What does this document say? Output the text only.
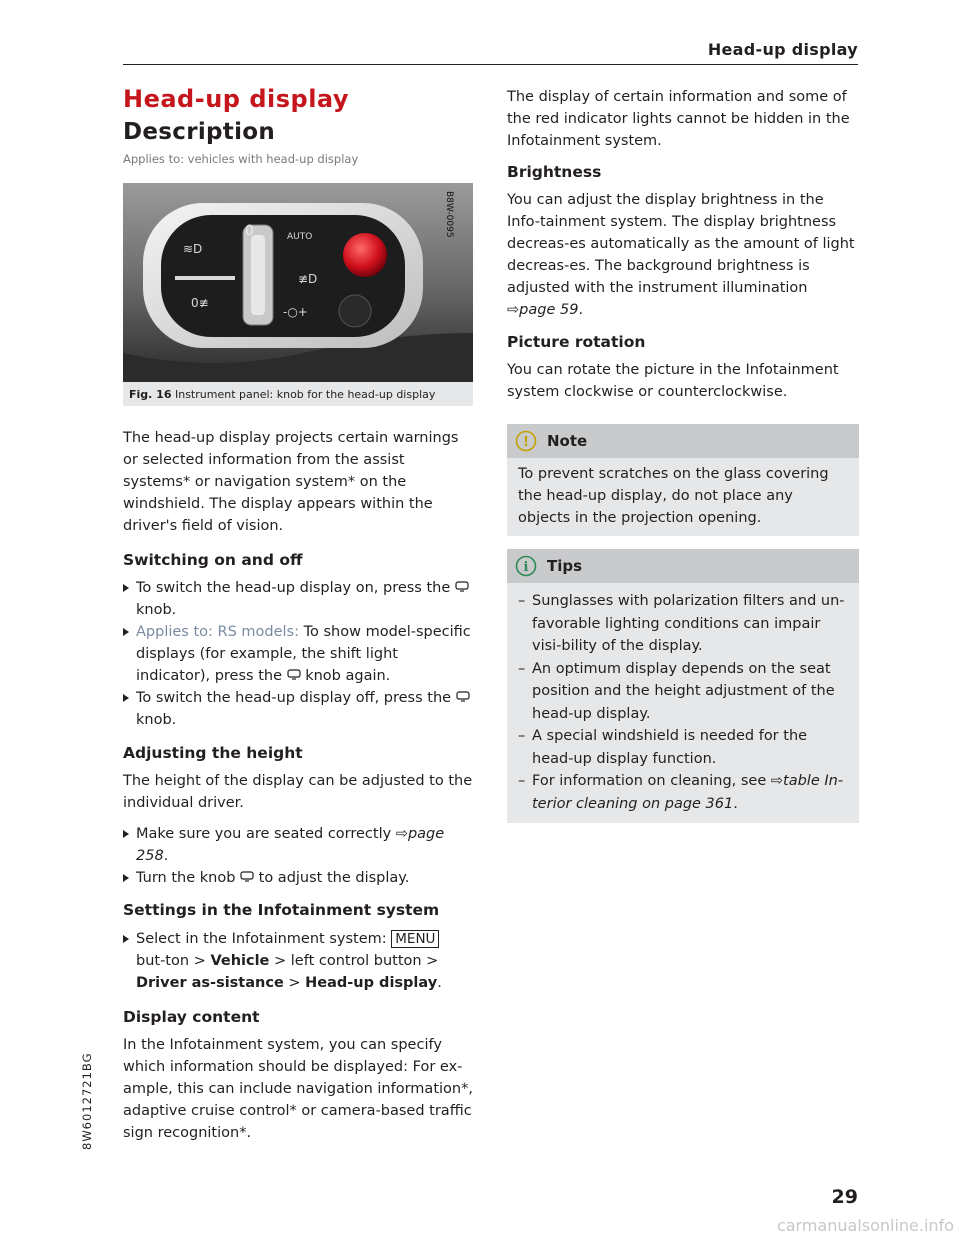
Head-up display
Head-up display
Description
Applies to: vehicles with head-up display
0	AUTO
≋D
≢D
0≢
-○+
B8W-0095
Fig. 16 Instrument panel: knob for the head-up display

The head-up display projects certain warnings or selected information from the assist systems* or navigation system* on the windshield. The display appears within the driver's field of vision.

Switching on and off
To switch the head-up display on, press the  knob.
Applies to: RS models: To show model-specific displays (for example, the shift light indicator), press the knob again.
To switch the head-up display off, press the  knob.
Adjusting the height

The height of the display can be adjusted to the individual driver.

Make sure you are seated correctly ⇨page 258.
Turn the knob to adjust the display.
Settings in the Infotainment system
Select in the Infotainment system: MENU but-ton > Vehicle > left control button > Driver as-sistance > Head-up display.
Display content

In the Infotainment system, you can specify which information should be displayed: For ex-ample, this can include navigation information*, adaptive cruise control* or camera-based traffic sign recognition*.

The display of certain information and some of the red indicator lights cannot be hidden in the Infotainment system.

Brightness

You can adjust the display brightness in the Info-tainment system. The display brightness decreas-es automatically as the amount of light decreas-es. The background brightness is adjusted with the instrument illumination ⇨page 59.

Picture rotation

You can rotate the picture in the Infotainment system clockwise or counterclockwise.

! Note
To prevent scratches on the glass covering the head-up display, do not place any objects in the projection opening.
i Tips
– Sunglasses with polarization filters and un-favorable lighting conditions can impair visi-bility of the display.
– An optimum display depends on the seat position and the height adjustment of the head-up display.
– A special windshield is needed for the head-up display function.
– For information on cleaning, see ⇨table In-terior cleaning on page 361.
8W6012721BG
29
carmanualsonline.info
